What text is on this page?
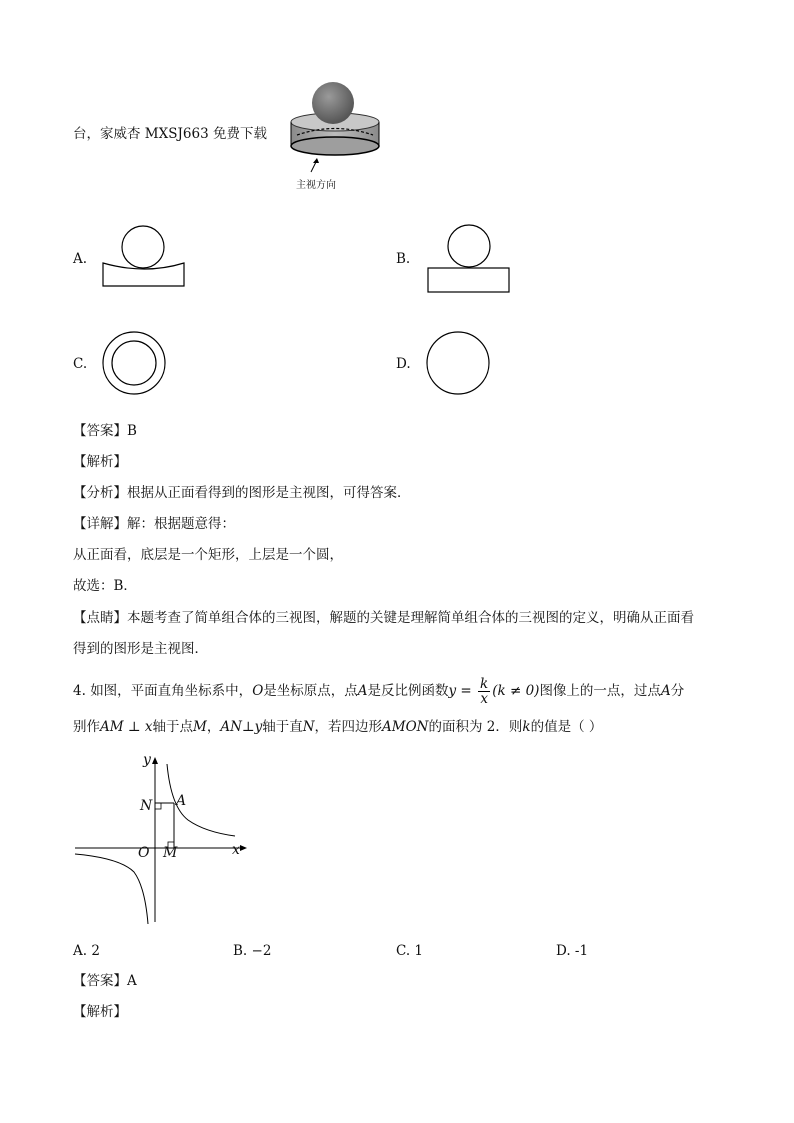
台，家威杏 MXSJ663 免费下载
主视方向
A.	B.
C.	D.
【答案】B
【解析】
【分析】根据从正面看得到的图形是主视图，可得答案．
【详解】解：根据题意得：
从正面看，底层是一个矩形，上层是一个圆，
故选：B．
【点睛】本题考查了简单组合体的三视图，解题的关键是理解简单组合体的三视图的定义，明确从正面看
得到的图形是主视图．
4. 如图，平面直角坐标系中，O是坐标原点，点A是反比例函数$y = \frac{k}{x} (k \ne 0)$图像上的一点，过点A分
别作AM ⊥ x轴于点M，AN⊥y轴于直N，若四边形AMON的面积为 2．则k的值是（ ）
y
x
O M
N A
A. 2	B. −2	C. 1	D. -1
【答案】A
【解析】
